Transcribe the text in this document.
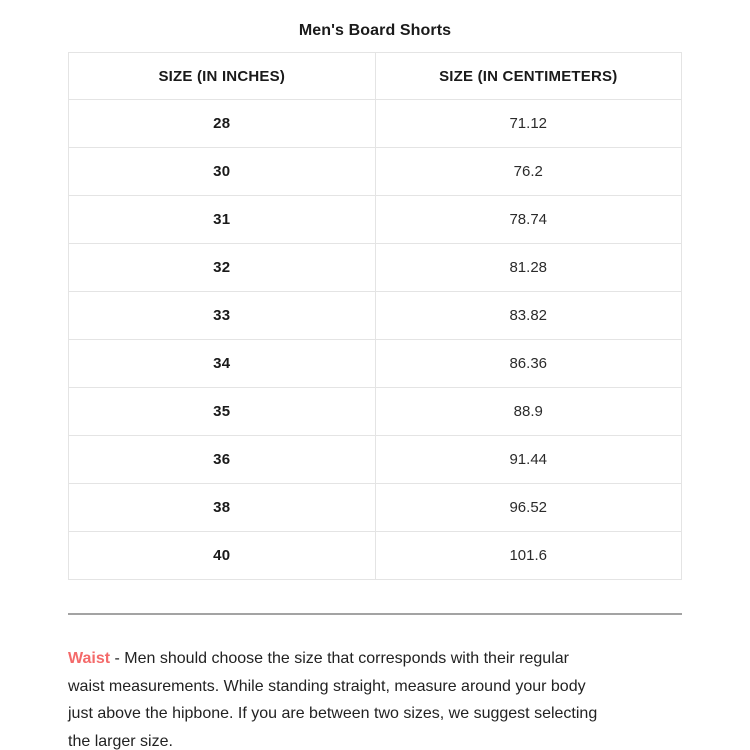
Men's Board Shorts
SIZE (IN INCHES)	SIZE (IN CENTIMETERS)
28	71.12
30	76.2
31	78.74
32	81.28
33	83.82
34	86.36
35	88.9
36	91.44
38	96.52
40	101.6

Waist - Men should choose the size that corresponds with their regular

waist measurements. While standing straight, measure around your body

just above the hipbone. If you are between two sizes, we suggest selecting

the larger size.
